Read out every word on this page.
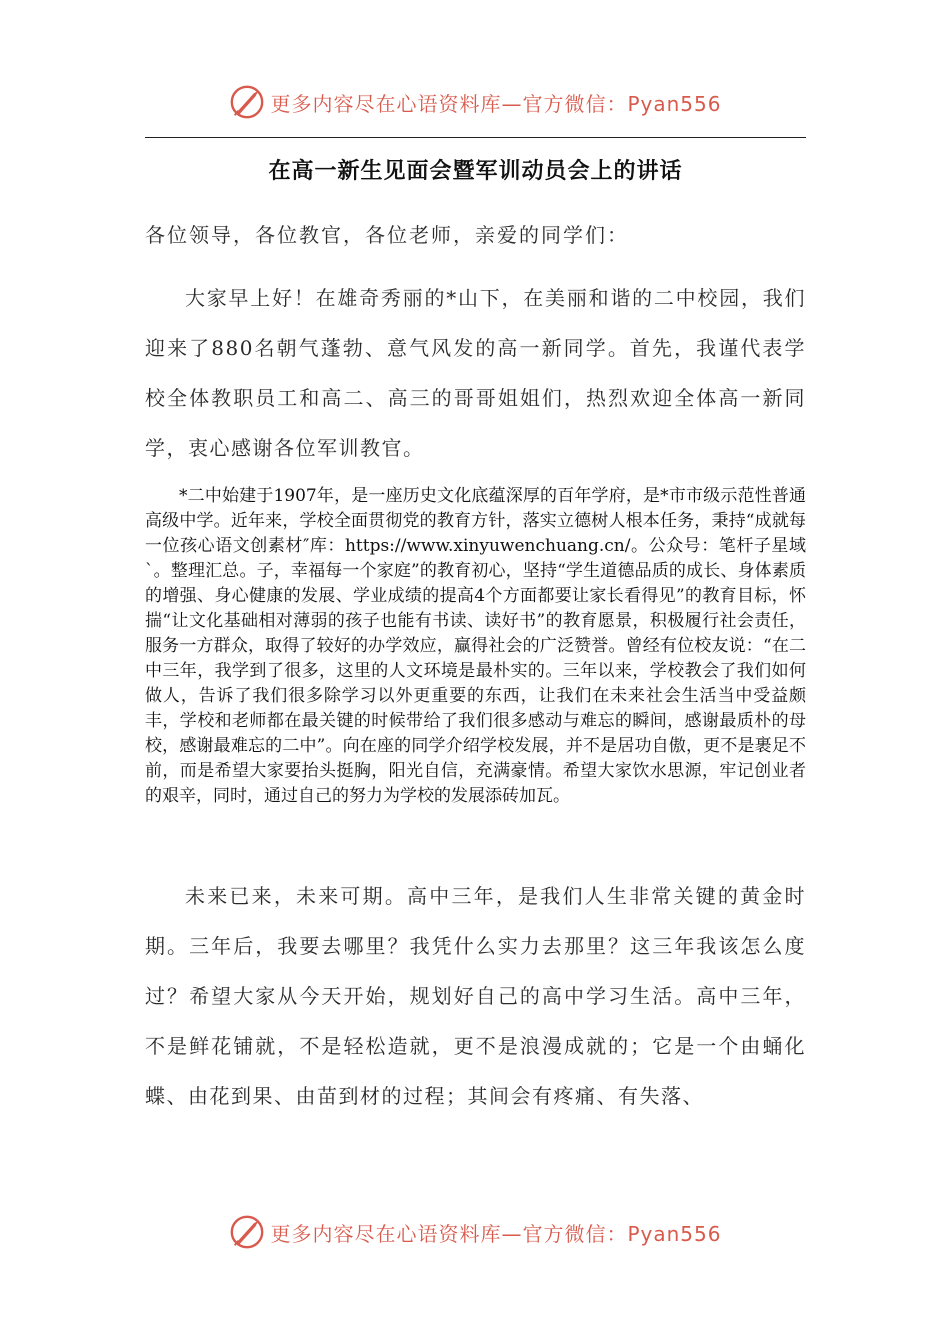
更多内容尽在心语资料库—官方微信：Pyan556
在高一新生见面会暨军训动员会上的讲话

各位领导，各位教官，各位老师，亲爱的同学们：

大家早上好！在雄奇秀丽的*山下，在美丽和谐的二中校园，我们迎来了880名朝气蓬勃、意气风发的高一新同学。首先，我谨代表学校全体教职员工和高二、高三的哥哥姐姐们，热烈欢迎全体高一新同学，衷心感谢各位军训教官。

*二中始建于1907年，是一座历史文化底蕴深厚的百年学府，是*市市级示范性普通高级中学。近年来，学校全面贯彻党的教育方针，落实立德树人根本任务，秉持“成就每一位孩心语文创素材″库：https://www.xinyuwenchuang.cn/。公众号：笔杆子星域`。整理汇总。子，幸福每一个家庭”的教育初心，坚持“学生道德品质的成长、身体素质的增强、身心健康的发展、学业成绩的提高4个方面都要让家长看得见”的教育目标，怀揣“让文化基础相对薄弱的孩子也能有书读、读好书”的教育愿景，积极履行社会责任，服务一方群众，取得了较好的办学效应，赢得社会的广泛赞誉。曾经有位校友说：“在二中三年，我学到了很多，这里的人文环境是最朴实的。三年以来，学校教会了我们如何做人，告诉了我们很多除学习以外更重要的东西，让我们在未来社会生活当中受益颇丰，学校和老师都在最关键的时候带给了我们很多感动与难忘的瞬间，感谢最质朴的母校，感谢最难忘的二中”。向在座的同学介绍学校发展，并不是居功自傲，更不是裹足不前，而是希望大家要抬头挺胸，阳光自信，充满豪情。希望大家饮水思源，牢记创业者的艰辛，同时，通过自己的努力为学校的发展添砖加瓦。

未来已来，未来可期。高中三年，是我们人生非常关键的黄金时期。三年后，我要去哪里？我凭什么实力去那里？这三年我该怎么度过？希望大家从今天开始，规划好自己的高中学习生活。高中三年，不是鲜花铺就，不是轻松造就，更不是浪漫成就的；它是一个由蛹化蝶、由花到果、由苗到材的过程；其间会有疼痛、有失落、

更多内容尽在心语资料库—官方微信：Pyan556
